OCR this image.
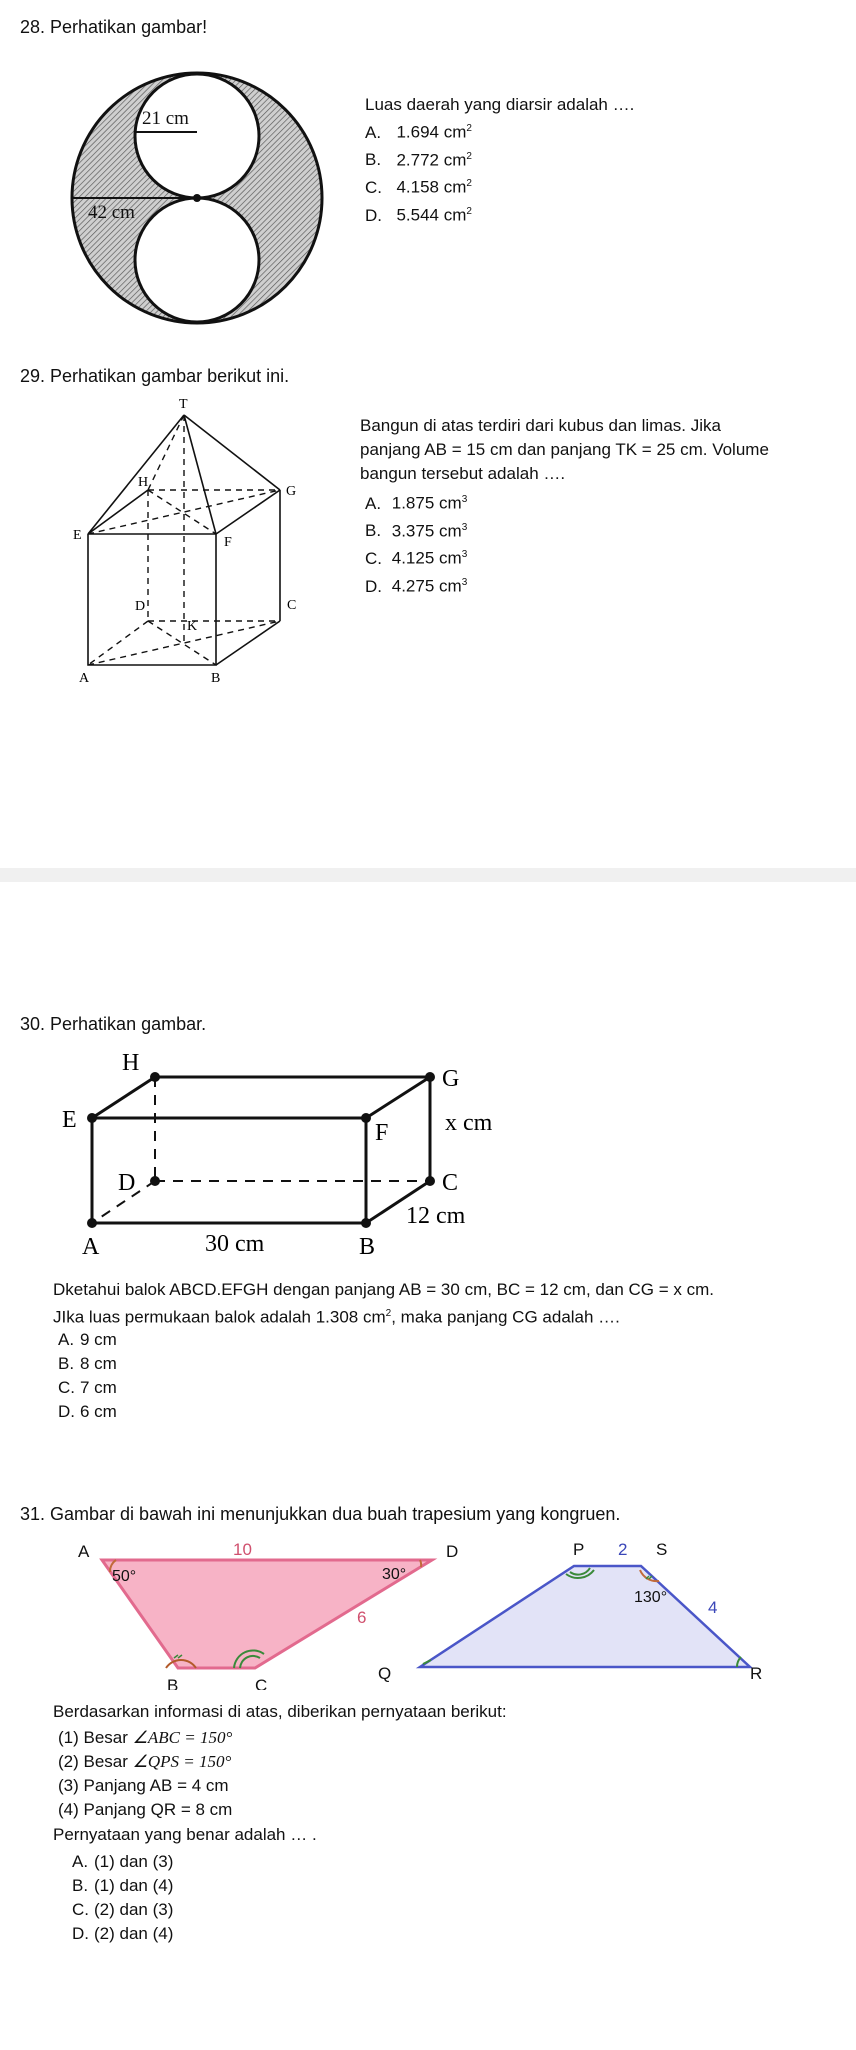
28. Perhatikan gambar!
21 cm
42 cm
Luas daerah yang diarsir adalah ….
A. 1.694 $cm^2$
B. 2.772 $cm^2$
C. 4.158 $cm^2$
D. 5.544 $cm^2$
29. Perhatikan gambar berikut ini.
T
H
G
E	F
D	C
K
A	B
Bangun di atas terdiri dari kubus dan limas. Jika
panjang AB = 15 cm dan panjang TK = 25 cm. Volume
bangun tersebut adalah ….
A. 1.875 $cm^3$
B. 3.375 $cm^3$
C. 4.125 $cm^3$
D. 4.275 $cm^3$
30. Perhatikan gambar.
H
G
E	F x cm
D	C
12 cm
A	30 cm	B
Dketahui balok ABCD.EFGH dengan panjang AB = 30 cm, BC = 12 cm, dan CG = x cm.
JIka luas permukaan balok adalah 1.308 $cm^2$, maka panjang CG adalah ….
A. 9 cm
B. 8 cm
C. 7 cm
D. 6 cm
31. Gambar di bawah ini menunjukkan dua buah trapesium yang kongruen.
A
B	C
D
10
50°	30°
6
P	S
Q	R
2
130°
4
Berdasarkan informasi di atas, diberikan pernyataan berikut:
(1) Besar ∠ABC = 150°
(2) Besar ∠QPS = 150°
(3) Panjang AB = 4 cm
(4) Panjang QR = 8 cm
Pernyataan yang benar adalah … .
A. (1) dan (3)
B. (1) dan (4)
C. (2) dan (3)
D. (2) dan (4)
